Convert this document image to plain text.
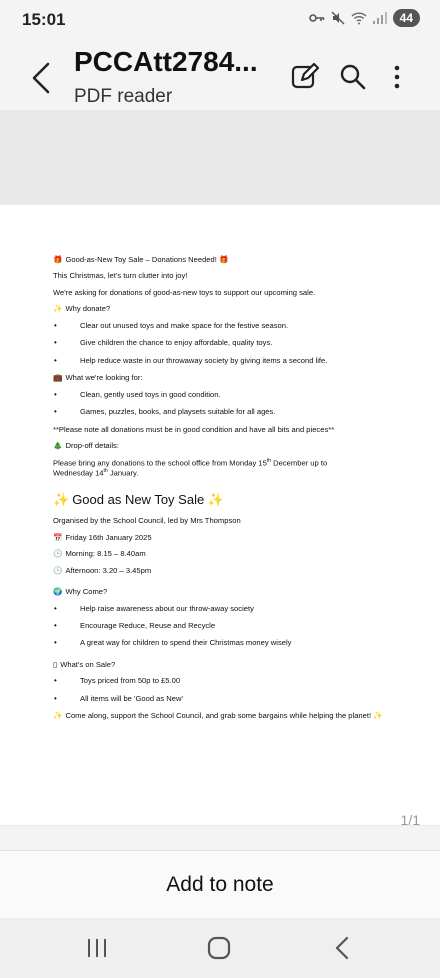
15:01	44
PCCAtt2784...
PDF reader

🎁 Good-as-New Toy Sale – Donations Needed! 🎁

This Christmas, let's turn clutter into joy!

We're asking for donations of good-as-new toys to support our upcoming sale.

✨ Why donate?

• Clear out unused toys and make space for the festive season.
• Give children the chance to enjoy affordable, quality toys.
• Help reduce waste in our throwaway society by giving items a second life.

💼 What we're looking for:

• Clean, gently used toys in good condition.
• Games, puzzles, books, and playsets suitable for all ages.

**Please note all donations must be in good condition and have all bits and pieces**

🎄 Drop-off details:

Please bring any donations to the school office from Monday 15th December up to
Wednesday 14th January.

✨ Good as New Toy Sale ✨

Organised by the School Council, led by Mrs Thompson

📅 Friday 16th January 2025

🕒 Morning: 8.15 – 8.40am

🕒 Afternoon: 3.20 – 3.45pm

🌍 Why Come?

• Help raise awareness about our throw-away society
• Encourage Reduce, Reuse and Recycle
• A great way for children to spend their Christmas money wisely

▯ What's on Sale?

• Toys priced from 50p to £5.00
• All items will be 'Good as New'

✨ Come along, support the School Council, and grab some bargains while helping the planet! ✨

1/1
Add to note
